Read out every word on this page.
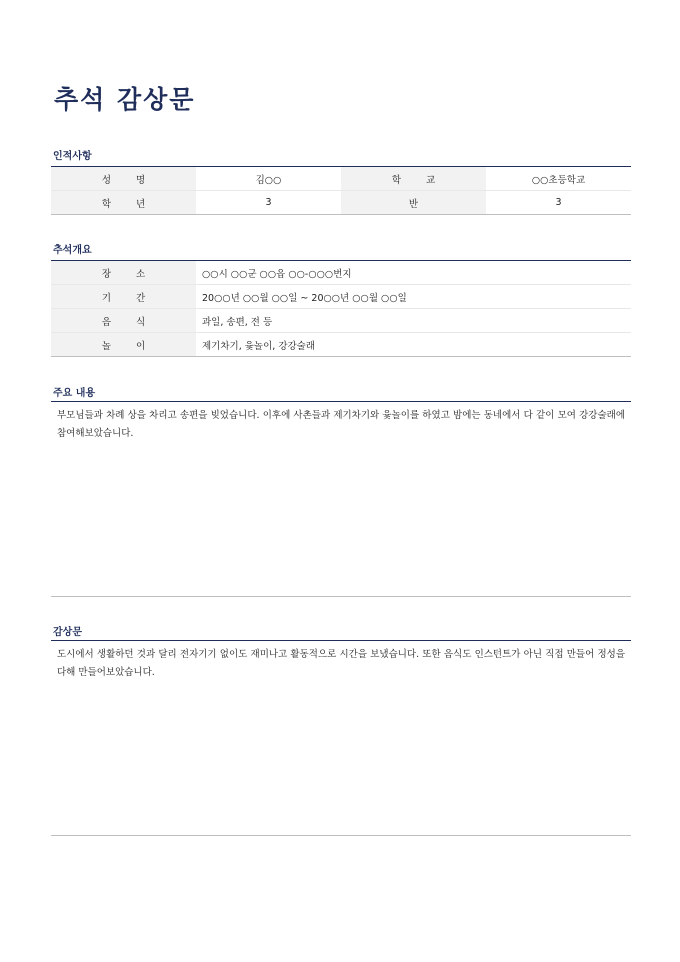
추석 감상문

인적사항

성 명	김○○	학 교	○○초등학교
학 년	3	반	3

추석개요

장 소	○○시 ○○군 ○○읍 ○○-○○○번지
기 간	20○○년 ○○월 ○○일 ~ 20○○년 ○○월 ○○일
음 식	과일, 송편, 전 등
놀 이	제기차기, 윷놀이, 강강술래

주요 내용

부모님들과 차례 상을 차리고 송편을 빚었습니다. 이후에 사촌들과 제기차기와 윷놀이를 하였고 밤에는 동네에서 다 같이 모여 강강술래에 참여해보았습니다.

감상문

도시에서 생활하던 것과 달리 전자기기 없이도 재미나고 활동적으로 시간을 보냈습니다. 또한 음식도 인스턴트가 아닌 직접 만들어 정성을 다해 만들어보았습니다.
